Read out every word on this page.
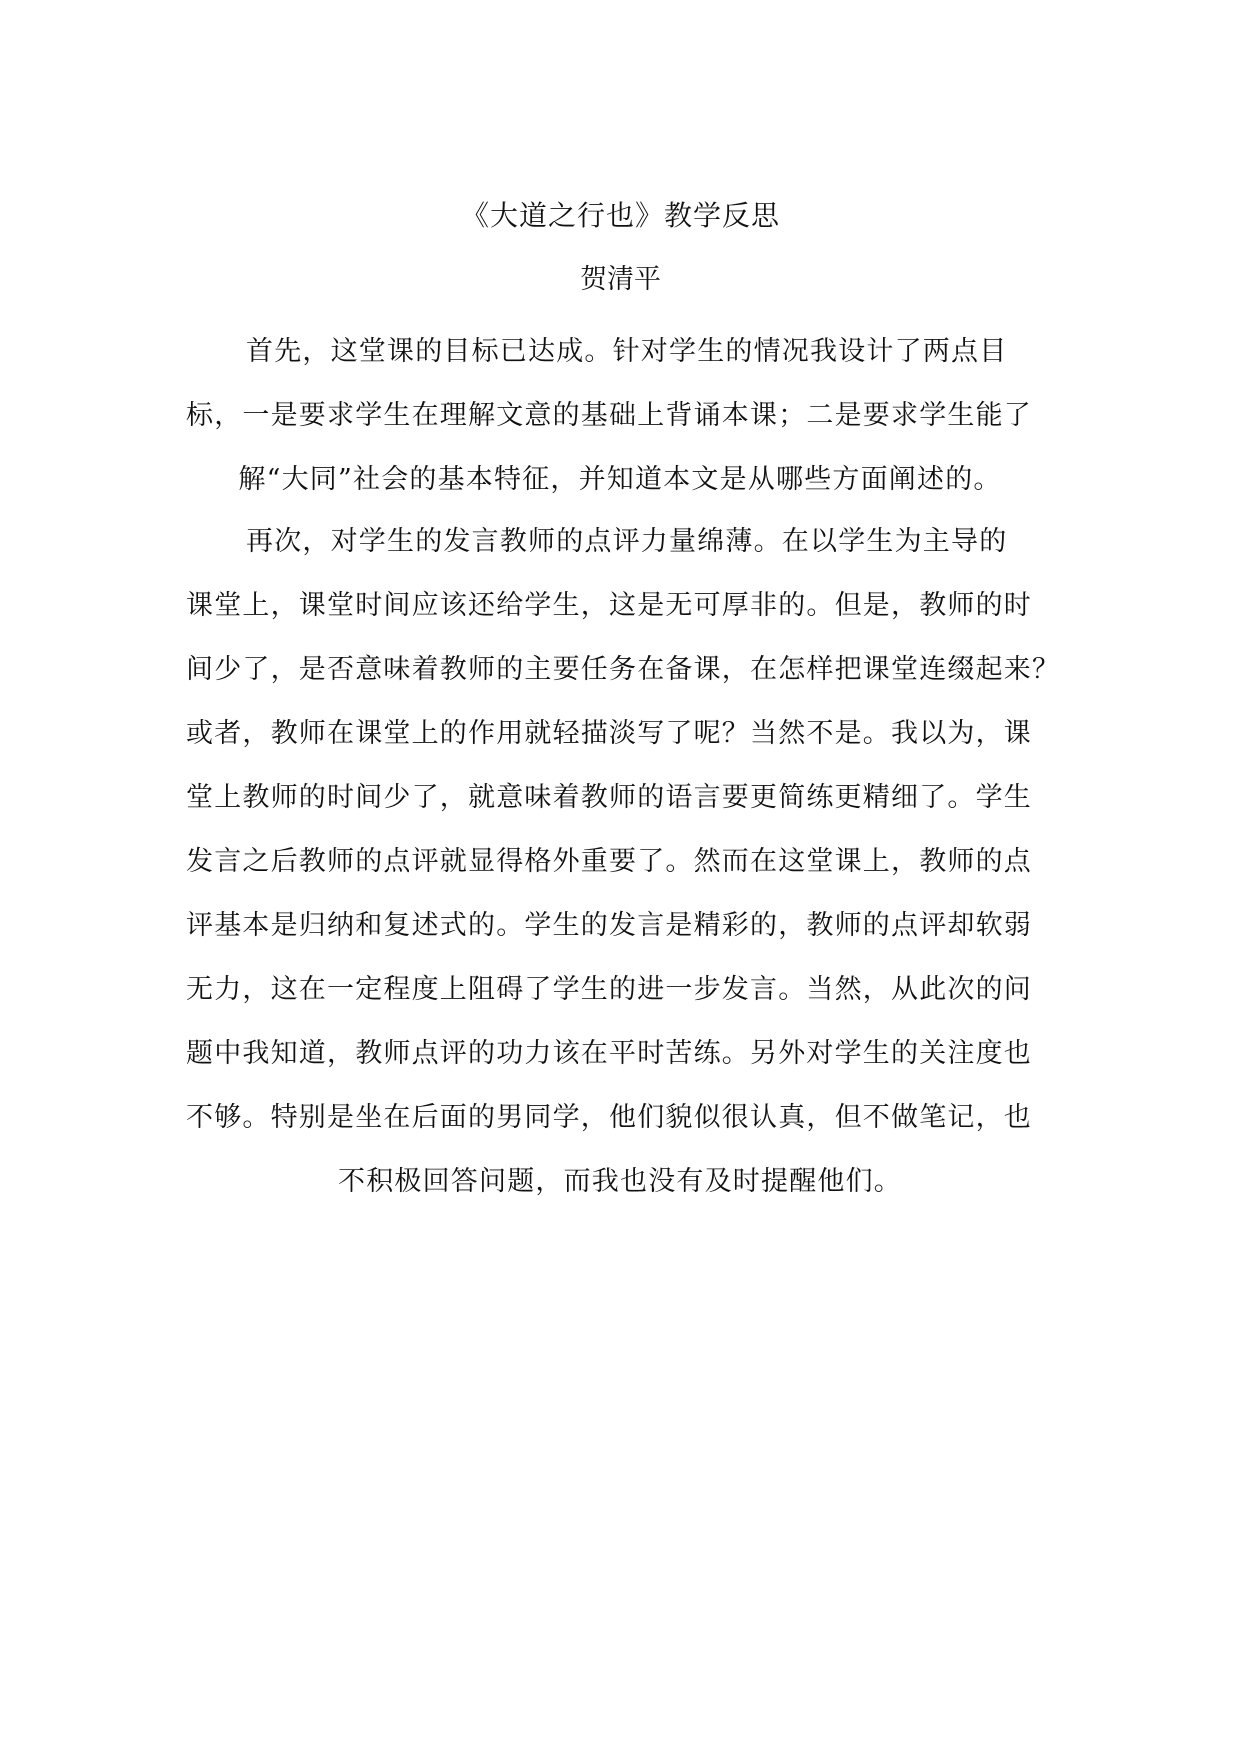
《大道之行也》教学反思
贺清平
首先，这堂课的目标已达成。针对学生的情况我设计了两点目
标，一是要求学生在理解文意的基础上背诵本课；二是要求学生能了
解“大同”社会的基本特征，并知道本文是从哪些方面阐述的。
再次，对学生的发言教师的点评力量绵薄。在以学生为主导的
课堂上，课堂时间应该还给学生，这是无可厚非的。但是，教师的时
间少了，是否意味着教师的主要任务在备课，在怎样把课堂连缀起来？
或者，教师在课堂上的作用就轻描淡写了呢？当然不是。我以为，课
堂上教师的时间少了，就意味着教师的语言要更简练更精细了。学生
发言之后教师的点评就显得格外重要了。然而在这堂课上，教师的点
评基本是归纳和复述式的。学生的发言是精彩的，教师的点评却软弱
无力，这在一定程度上阻碍了学生的进一步发言。当然，从此次的问
题中我知道，教师点评的功力该在平时苦练。另外对学生的关注度也
不够。特别是坐在后面的男同学，他们貌似很认真，但不做笔记，也
不积极回答问题，而我也没有及时提醒他们。
